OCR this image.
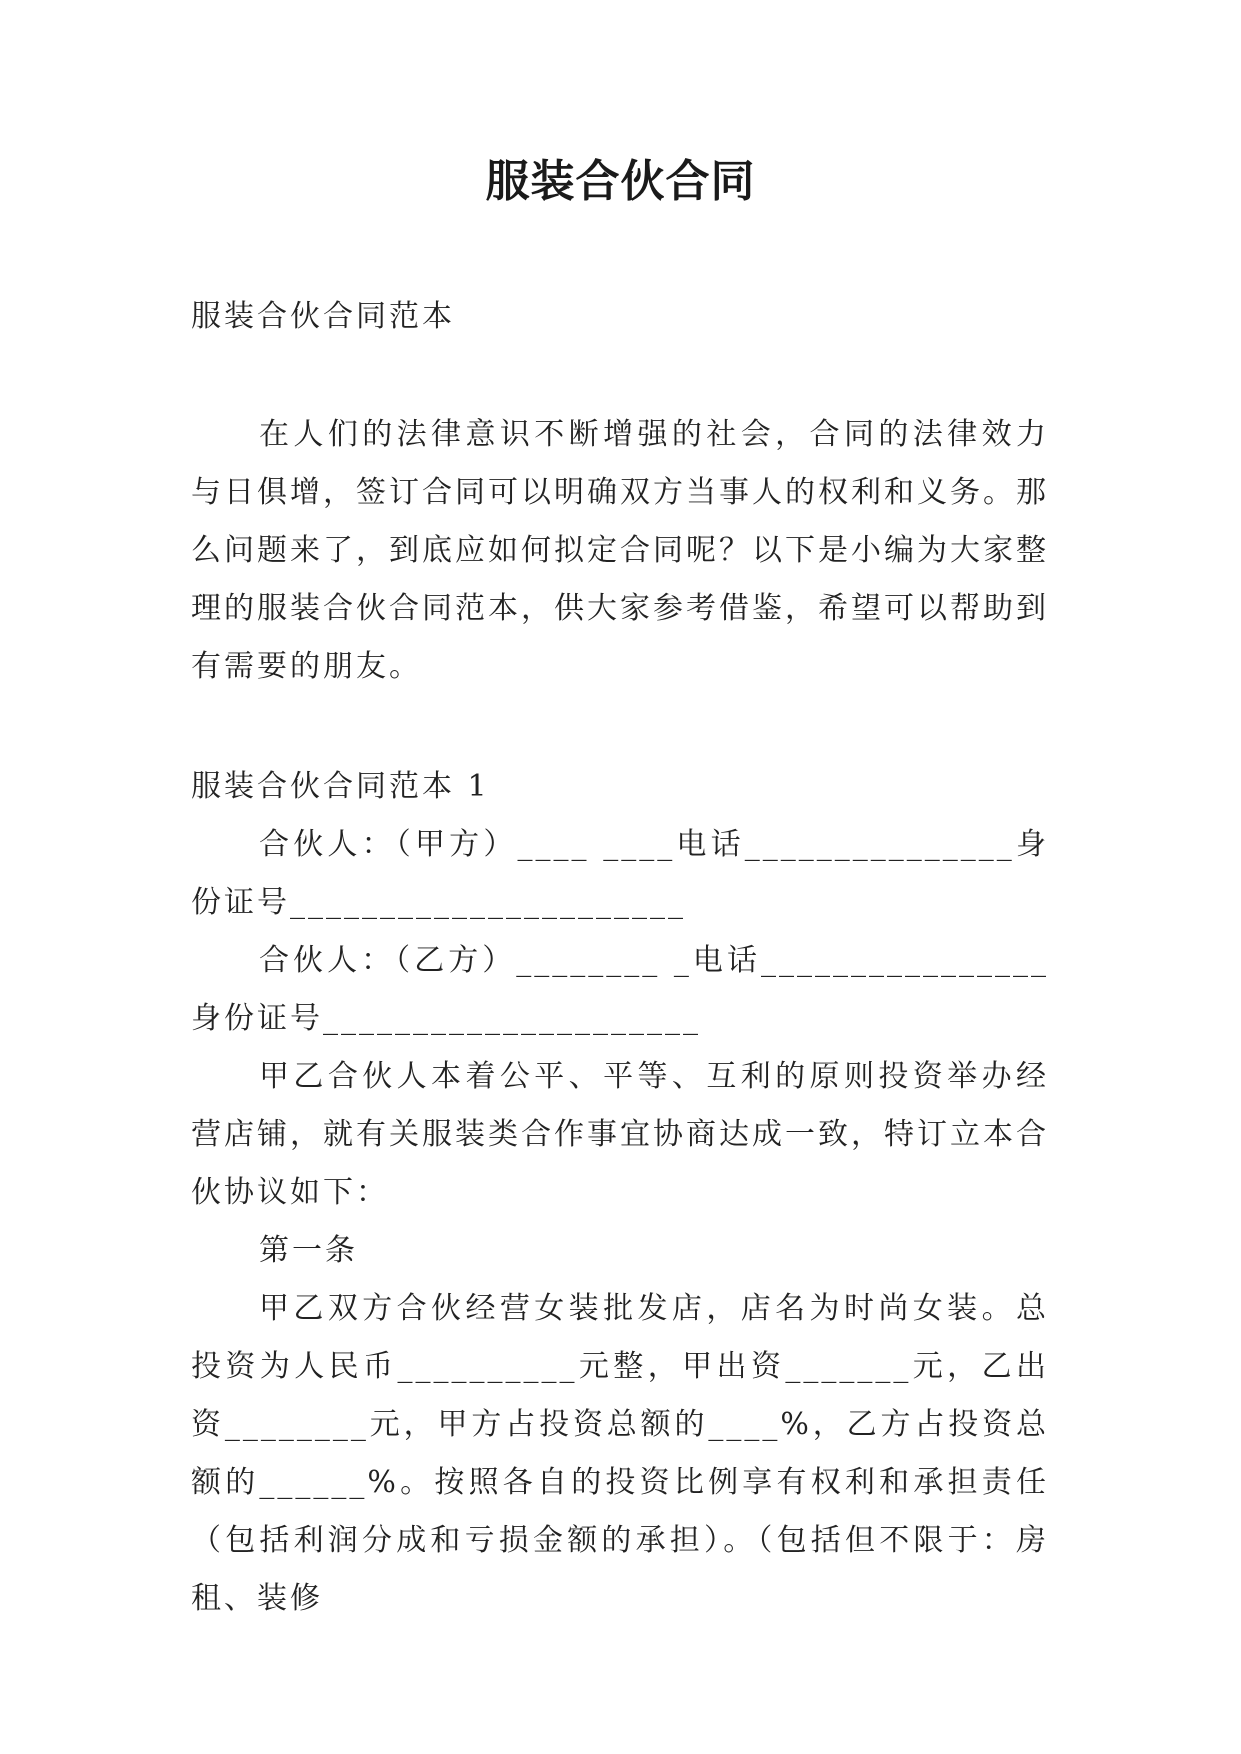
服装合伙合同

服装合伙合同范本

在人们的法律意识不断增强的社会，合同的法律效力与日俱增，签订合同可以明确双方当事人的权利和义务。那么问题来了，到底应如何拟定合同呢？以下是小编为大家整理的服装合伙合同范本，供大家参考借鉴，希望可以帮助到有需要的朋友。

服装合伙合同范本 1

合伙人：（甲方）____ ____电话_______________身份证号______________________

合伙人：（乙方）________ _电话________________身份证号_____________________

甲乙合伙人本着公平、平等、互利的原则投资举办经营店铺，就有关服装类合作事宜协商达成一致，特订立本合伙协议如下：

第一条

甲乙双方合伙经营女装批发店，店名为时尚女装。总投资为人民币__________元整，甲出资_______元，乙出资________元，甲方占投资总额的____%，乙方占投资总额的______%。按照各自的投资比例享有权利和承担责任（包括利润分成和亏损金额的承担）。（包括但不限于：房租、装修
